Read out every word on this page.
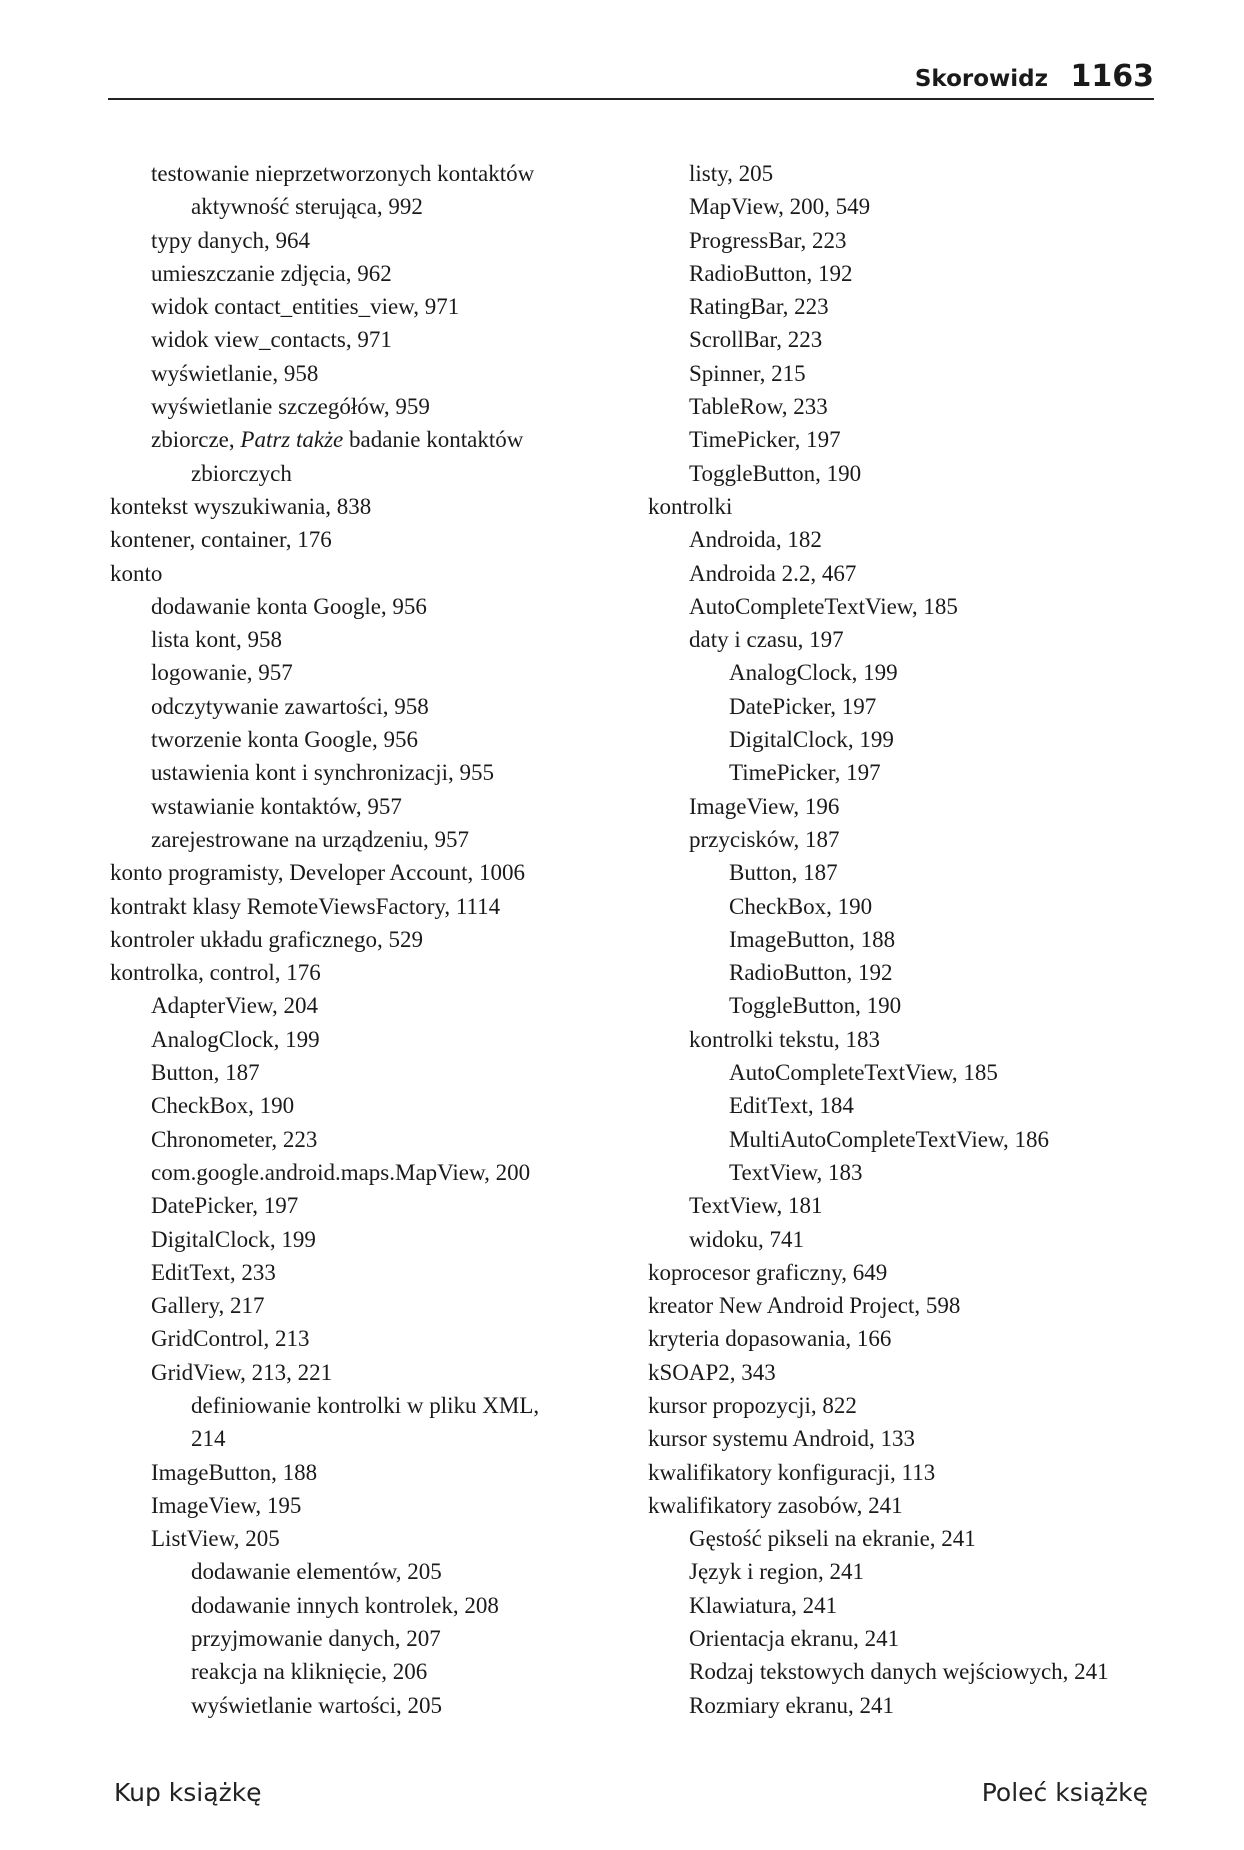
Skorowidz 1163
testowanie nieprzetworzonych kontaktów
aktywność sterująca, 992
typy danych, 964
umieszczanie zdjęcia, 962
widok contact_entities_view, 971
widok view_contacts, 971
wyświetlanie, 958
wyświetlanie szczegółów, 959
zbiorcze, Patrz także badanie kontaktów
zbiorczych
kontekst wyszukiwania, 838
kontener, container, 176
konto
dodawanie konta Google, 956
lista kont, 958
logowanie, 957
odczytywanie zawartości, 958
tworzenie konta Google, 956
ustawienia kont i synchronizacji, 955
wstawianie kontaktów, 957
zarejestrowane na urządzeniu, 957
konto programisty, Developer Account, 1006
kontrakt klasy RemoteViewsFactory, 1114
kontroler układu graficznego, 529
kontrolka, control, 176
AdapterView, 204
AnalogClock, 199
Button, 187
CheckBox, 190
Chronometer, 223
com.google.android.maps.MapView, 200
DatePicker, 197
DigitalClock, 199
EditText, 233
Gallery, 217
GridControl, 213
GridView, 213, 221
definiowanie kontrolki w pliku XML,
214
ImageButton, 188
ImageView, 195
ListView, 205
dodawanie elementów, 205
dodawanie innych kontrolek, 208
przyjmowanie danych, 207
reakcja na kliknięcie, 206
wyświetlanie wartości, 205
listy, 205
MapView, 200, 549
ProgressBar, 223
RadioButton, 192
RatingBar, 223
ScrollBar, 223
Spinner, 215
TableRow, 233
TimePicker, 197
ToggleButton, 190
kontrolki
Androida, 182
Androida 2.2, 467
AutoCompleteTextView, 185
daty i czasu, 197
AnalogClock, 199
DatePicker, 197
DigitalClock, 199
TimePicker, 197
ImageView, 196
przycisków, 187
Button, 187
CheckBox, 190
ImageButton, 188
RadioButton, 192
ToggleButton, 190
kontrolki tekstu, 183
AutoCompleteTextView, 185
EditText, 184
MultiAutoCompleteTextView, 186
TextView, 183
TextView, 181
widoku, 741
koprocesor graficzny, 649
kreator New Android Project, 598
kryteria dopasowania, 166
kSOAP2, 343
kursor propozycji, 822
kursor systemu Android, 133
kwalifikatory konfiguracji, 113
kwalifikatory zasobów, 241
Gęstość pikseli na ekranie, 241
Język i region, 241
Klawiatura, 241
Orientacja ekranu, 241
Rodzaj tekstowych danych wejściowych, 241
Rozmiary ekranu, 241
Kup książkę	Poleć książkę
